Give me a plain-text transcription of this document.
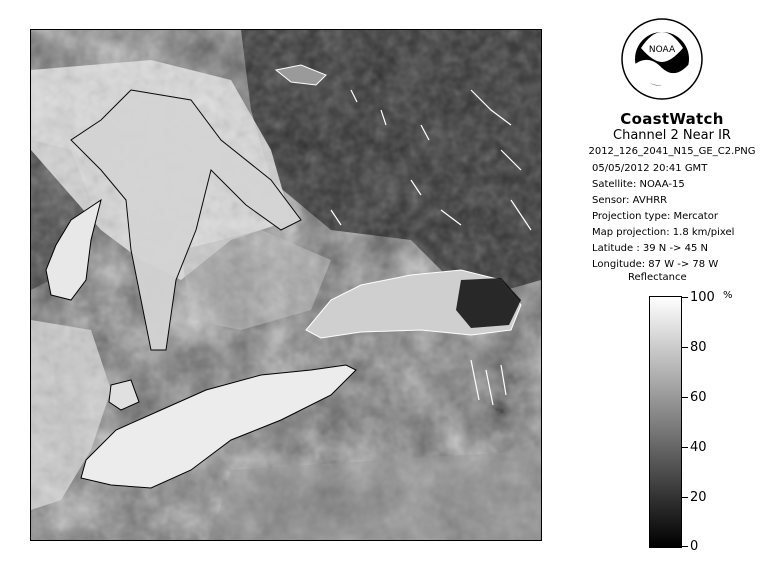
NOAA
CoastWatch
Channel 2 Near IR
2012_126_2041_N15_GE_C2.PNG
05/05/2012 20:41 GMT
Satellite: NOAA-15
Sensor: AVHRR
Projection type: Mercator
Map projection: 1.8 km/pixel
Latitude : 39 N -> 45 N
Longitude: 87 W -> 78 W
Reflectance
%
100
80
60
40
20
0
